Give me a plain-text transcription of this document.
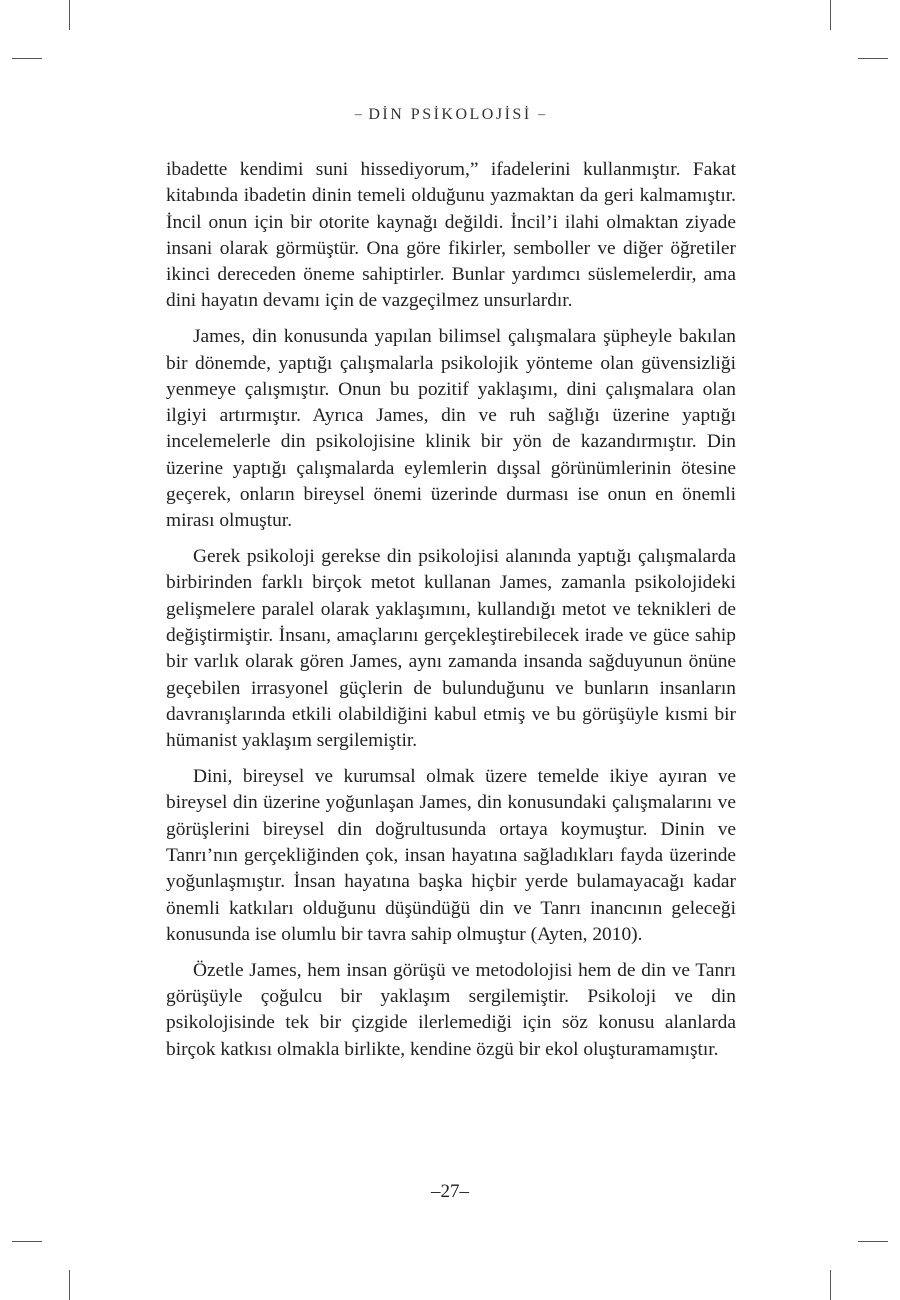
– DİN PSİKOLOJİSİ –

ibadette kendimi suni hissediyorum,” ifadelerini kullanmıştır. Fakat kitabında ibadetin dinin temeli olduğunu yazmaktan da geri kalmamıştır. İncil onun için bir otorite kaynağı değildi. İncil’i ilahi olmaktan ziyade insani olarak görmüştür. Ona göre fikirler, semboller ve diğer öğretiler ikinci dereceden öneme sahiptirler. Bunlar yardımcı süslemelerdir, ama dini hayatın devamı için de vazgeçilmez unsurlardır.

James, din konusunda yapılan bilimsel çalışmalara şüpheyle bakılan bir dönemde, yaptığı çalışmalarla psikolojik yönteme olan güvensizliği yenmeye çalışmıştır. Onun bu pozitif yaklaşımı, dini çalışmalara olan ilgiyi artırmıştır. Ayrıca James, din ve ruh sağlığı üzerine yaptığı incelemelerle din psikolojisine klinik bir yön de kazandırmıştır. Din üzerine yaptığı çalışmalarda eylemlerin dışsal görünümlerinin ötesine geçerek, onların bireysel önemi üzerinde durması ise onun en önemli mirası olmuştur.

Gerek psikoloji gerekse din psikolojisi alanında yaptığı çalışmalarda birbirinden farklı birçok metot kullanan James, zamanla psikolojideki gelişmelere paralel olarak yaklaşımını, kullandığı metot ve teknikleri de değiştirmiştir. İnsanı, amaçlarını gerçekleştirebilecek irade ve güce sahip bir varlık olarak gören James, aynı zamanda insanda sağduyunun önüne geçebilen irrasyonel güçlerin de bulunduğunu ve bunların insanların davranışlarında etkili olabildiğini kabul etmiş ve bu görüşüyle kısmi bir hümanist yaklaşım sergilemiştir.

Dini, bireysel ve kurumsal olmak üzere temelde ikiye ayıran ve bireysel din üzerine yoğunlaşan James, din konusundaki çalışmalarını ve görüşlerini bireysel din doğrultusunda ortaya koymuştur. Dinin ve Tanrı’nın gerçekliğinden çok, insan hayatına sağladıkları fayda üzerinde yoğunlaşmıştır. İnsan hayatına başka hiçbir yerde bulamayacağı kadar önemli katkıları olduğunu düşündüğü din ve Tanrı inancının geleceği konusunda ise olumlu bir tavra sahip olmuştur (Ayten, 2010).

Özetle James, hem insan görüşü ve metodolojisi hem de din ve Tanrı görüşüyle çoğulcu bir yaklaşım sergilemiştir. Psikoloji ve din psikolojisinde tek bir çizgide ilerlemediği için söz konusu alanlarda birçok katkısı olmakla birlikte, kendine özgü bir ekol oluşturamamıştır.

–27–
